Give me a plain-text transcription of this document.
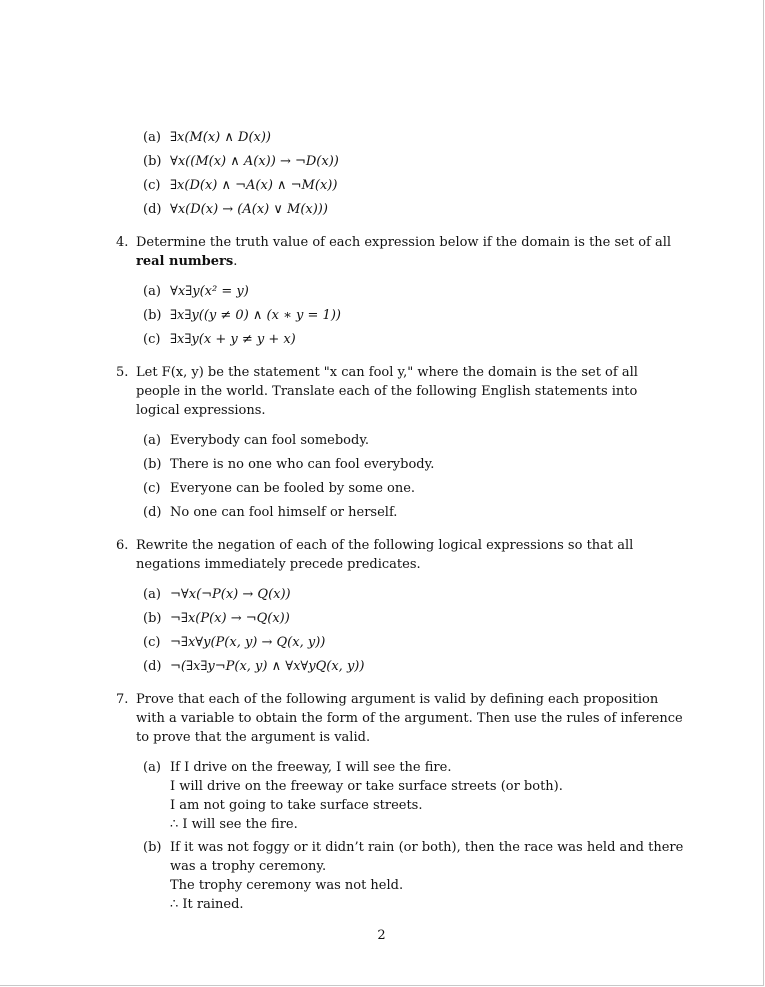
(a) ∃x(M(x) ∧ D(x))
(b) ∀x((M(x) ∧ A(x)) → ¬D(x))
(c) ∃x(D(x) ∧ ¬A(x) ∧ ¬M(x))
(d) ∀x(D(x) → (A(x) ∨ M(x)))
4. Determine the truth value of each expression below if the domain is the set of all real numbers.
(a) ∀x∃y(x² = y)
(b) ∃x∃y((y ≠ 0) ∧ (x ∗ y = 1))
(c) ∃x∃y(x + y ≠ y + x)
5. Let F(x, y) be the statement "x can fool y," where the domain is the set of all people in the world. Translate each of the following English statements into logical expressions.
(a) Everybody can fool somebody.
(b) There is no one who can fool everybody.
(c) Everyone can be fooled by some one.
(d) No one can fool himself or herself.
6. Rewrite the negation of each of the following logical expressions so that all negations immediately precede predicates.
(a) ¬∀x(¬P(x) → Q(x))
(b) ¬∃x(P(x) → ¬Q(x))
(c) ¬∃x∀y(P(x, y) → Q(x, y))
(d) ¬(∃x∃y¬P(x, y) ∧ ∀x∀yQ(x, y))
7. Prove that each of the following argument is valid by defining each proposition with a variable to obtain the form of the argument. Then use the rules of inference to prove that the argument is valid.
(a) If I drive on the freeway, I will see the fire.
I will drive on the freeway or take surface streets (or both).
I am not going to take surface streets.
∴ I will see the fire.
(b) If it was not foggy or it didn’t rain (or both), then the race was held and there was a trophy ceremony.
The trophy ceremony was not held.
∴ It rained.
2
